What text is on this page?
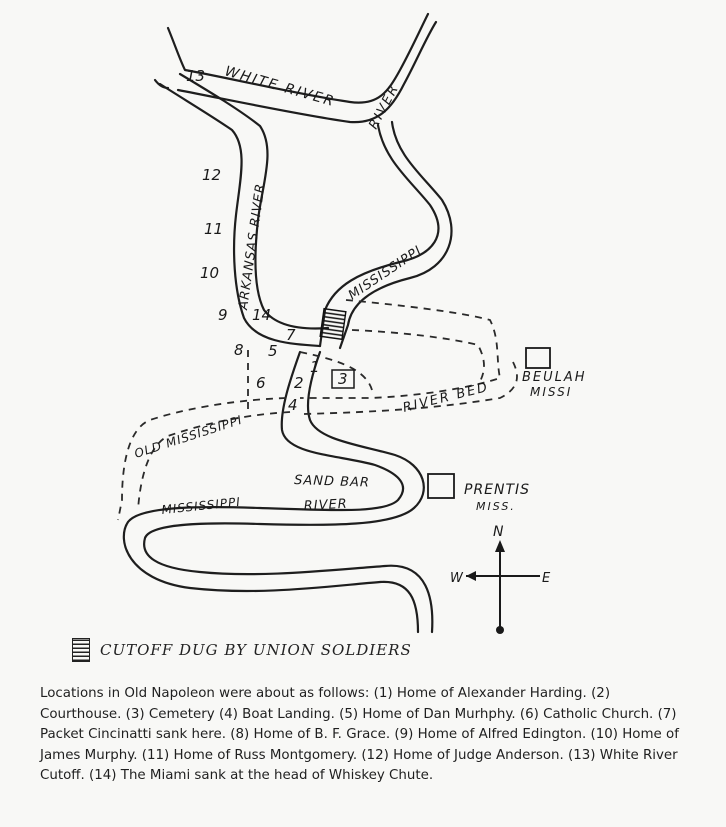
WHITE RIVER RIVER
ARKANSAS RIVER	MISSISSIPPI
OLD MISSISSIPPI
RIVER BED
SAND BAR
MISSISSIPPI	RIVER
BEULAH
MISSI
PRENTIS
MISS.
1
2 3
4
5
6
7
8
9
10
11
12
13
14
N
W	E
CUTOFF DUG BY UNION SOLDIERS

Locations in Old Napoleon were about as follows: (1) Home of Alexander Harding. (2) Courthouse. (3) Cemetery (4) Boat Landing. (5) Home of Dan Murhphy. (6) Catholic Church. (7) Packet Cincinatti sank here. (8) Home of B. F. Grace. (9) Home of Alfred Edington. (10) Home of James Murphy. (11) Home of Russ Montgomery. (12) Home of Judge Anderson. (13) White River Cutoff. (14) The Miami sank at the head of Whiskey Chute.
